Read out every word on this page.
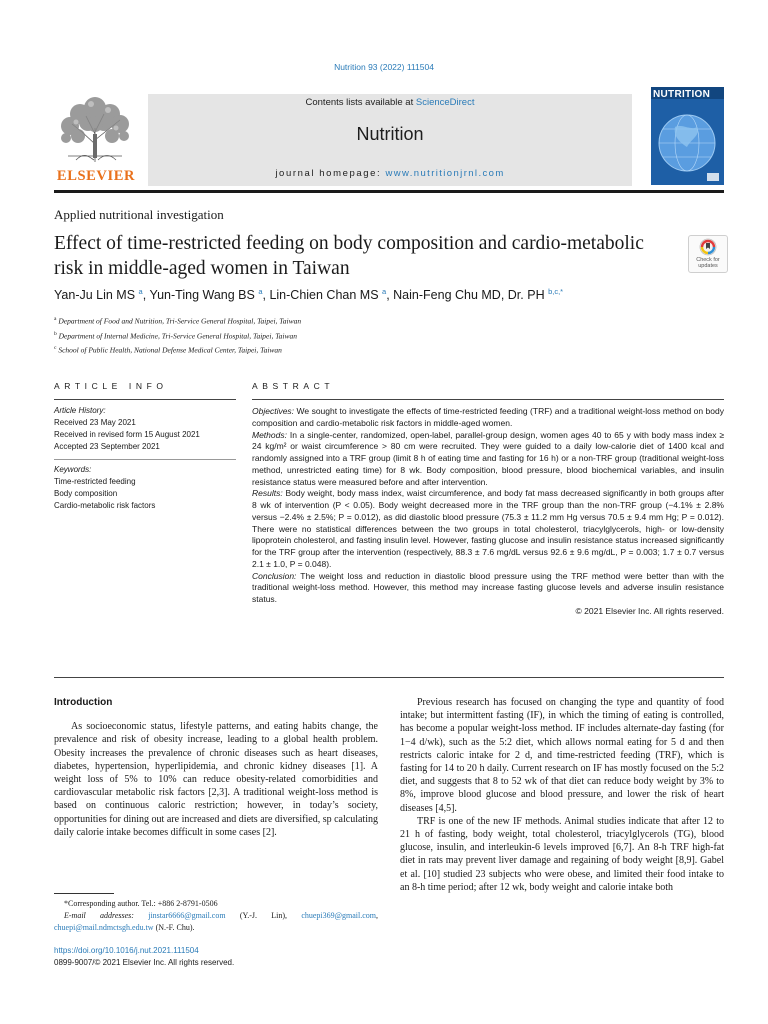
Nutrition 93 (2022) 111504
ELSEVIER
Contents lists available at ScienceDirect
Nutrition
journal homepage: www.nutritionjrnl.com
NUTRITION
Applied nutritional investigation
Effect of time-restricted feeding on body composition and cardio-metabolic risk in middle-aged women in Taiwan	Check for updates
Yan-Ju Lin MS $^a$, Yun-Ting Wang BS $^a$, Lin-Chien Chan MS $^a$, Nain-Feng Chu MD, Dr. PH $^{b,c,*}$
$^a$ Department of Food and Nutrition, Tri-Service General Hospital, Taipei, Taiwan
$^b$ Department of Internal Medicine, Tri-Service General Hospital, Taipei, Taiwan
$^c$ School of Public Health, National Defense Medical Center, Taipei, Taiwan
ARTICLE INFO	ABSTRACT
Article History:
Received 23 May 2021
Received in revised form 15 August 2021
Accepted 23 September 2021
Keywords:
Time-restricted feeding
Body composition
Cardio-metabolic risk factors

Objectives: We sought to investigate the effects of time-restricted feeding (TRF) and a traditional weight-loss method on body composition and cardio-metabolic risk factors in middle-aged women.

Methods: In a single-center, randomized, open-label, parallel-group design, women ages 40 to 65 y with body mass index ≥ 24 kg/m² or waist circumference > 80 cm were recruited. They were guided to a daily low-calorie diet of 1400 kcal and randomly assigned into a TRF group (limit 8 h of eating time and fasting for 16 h) or a non-TRF group (traditional weight-loss method, unrestricted eating time) for 8 wk. Body composition, blood pressure, blood biochemical variables, and insulin resistance status were measured before and after intervention.

Results: Body weight, body mass index, waist circumference, and body fat mass decreased significantly in both groups after 8 wk of intervention (P < 0.05). Body weight decreased more in the TRF group than the non-TRF group (−4.1% ± 2.8% versus −2.4% ± 2.5%; P = 0.012), as did diastolic blood pressure (75.3 ± 11.2 mm Hg versus 70.5 ± 9.4 mm Hg; P = 0.012). There were no statistical differences between the two groups in total cholesterol, triacylglycerols, high- or low-density lipoprotein cholesterol, and fasting insulin level. However, fasting glucose and insulin resistance status increased significantly for the TRF group after the intervention (respectively, 88.3 ± 7.6 mg/dL versus 92.6 ± 9.6 mg/dL, P = 0.003; 1.7 ± 0.7 versus 2.1 ± 1.0, P = 0.048).

Conclusion: The weight loss and reduction in diastolic blood pressure using the TRF method were better than with the traditional weight-loss method. However, this method may increase fasting glucose levels and adverse insulin resistance status.

© 2021 Elsevier Inc. All rights reserved.

Introduction

As socioeconomic status, lifestyle patterns, and eating habits change, the prevalence and risk of obesity increase, leading to a global health problem. Obesity increases the prevalence of chronic diseases such as heart diseases, diabetes, hypertension, hyperlipidemia, and chronic kidney diseases [1]. A weight loss of 5% to 10% can reduce obesity-related comorbidities and cardiovascular metabolic risk factors [2,3]. A traditional weight-loss method is based on continuous caloric restriction; however, in today’s society, opportunities for dining out are increased and diets are diversified, sp calculating daily calorie intake becomes difficult in some cases [2].

Previous research has focused on changing the type and quantity of food intake; but intermittent fasting (IF), in which the timing of eating is controlled, has become a popular weight-loss method. IF includes alternate-day fasting (for 1−4 d/wk), such as the 5:2 diet, which allows normal eating for 5 d and then restricts caloric intake for 2 d, and time-restricted feeding (TRF), which is fasting for 14 to 20 h daily. Current research on IF has mostly focused on the 5:2 diet, and suggests that 8 to 52 wk of that diet can reduce body weight by 3% to 8%, improve blood glucose and blood pressure, and lower the risk of heart diseases [4,5].

TRF is one of the new IF methods. Animal studies indicate that after 12 to 21 h of fasting, body weight, total cholesterol, triacylglycerols (TG), blood glucose, insulin, and interleukin-6 levels improved [6,7]. An 8-h TRF high-fat diet in rats may prevent liver damage and regaining of body weight [8,9]. Gabel et al. [10] studied 23 subjects who were obese, and limited their food intake to an 8-h time period; after 12 wk, body weight and calorie intake both

*Corresponding author. Tel.: +886 2-8791-0506

E-mail addresses: jinstar6666@gmail.com (Y.-J. Lin), chuepi369@gmail.com, chuepi@mail.ndmctsgh.edu.tw (N.-F. Chu).

https://doi.org/10.1016/j.nut.2021.111504
0899-9007/© 2021 Elsevier Inc. All rights reserved.
